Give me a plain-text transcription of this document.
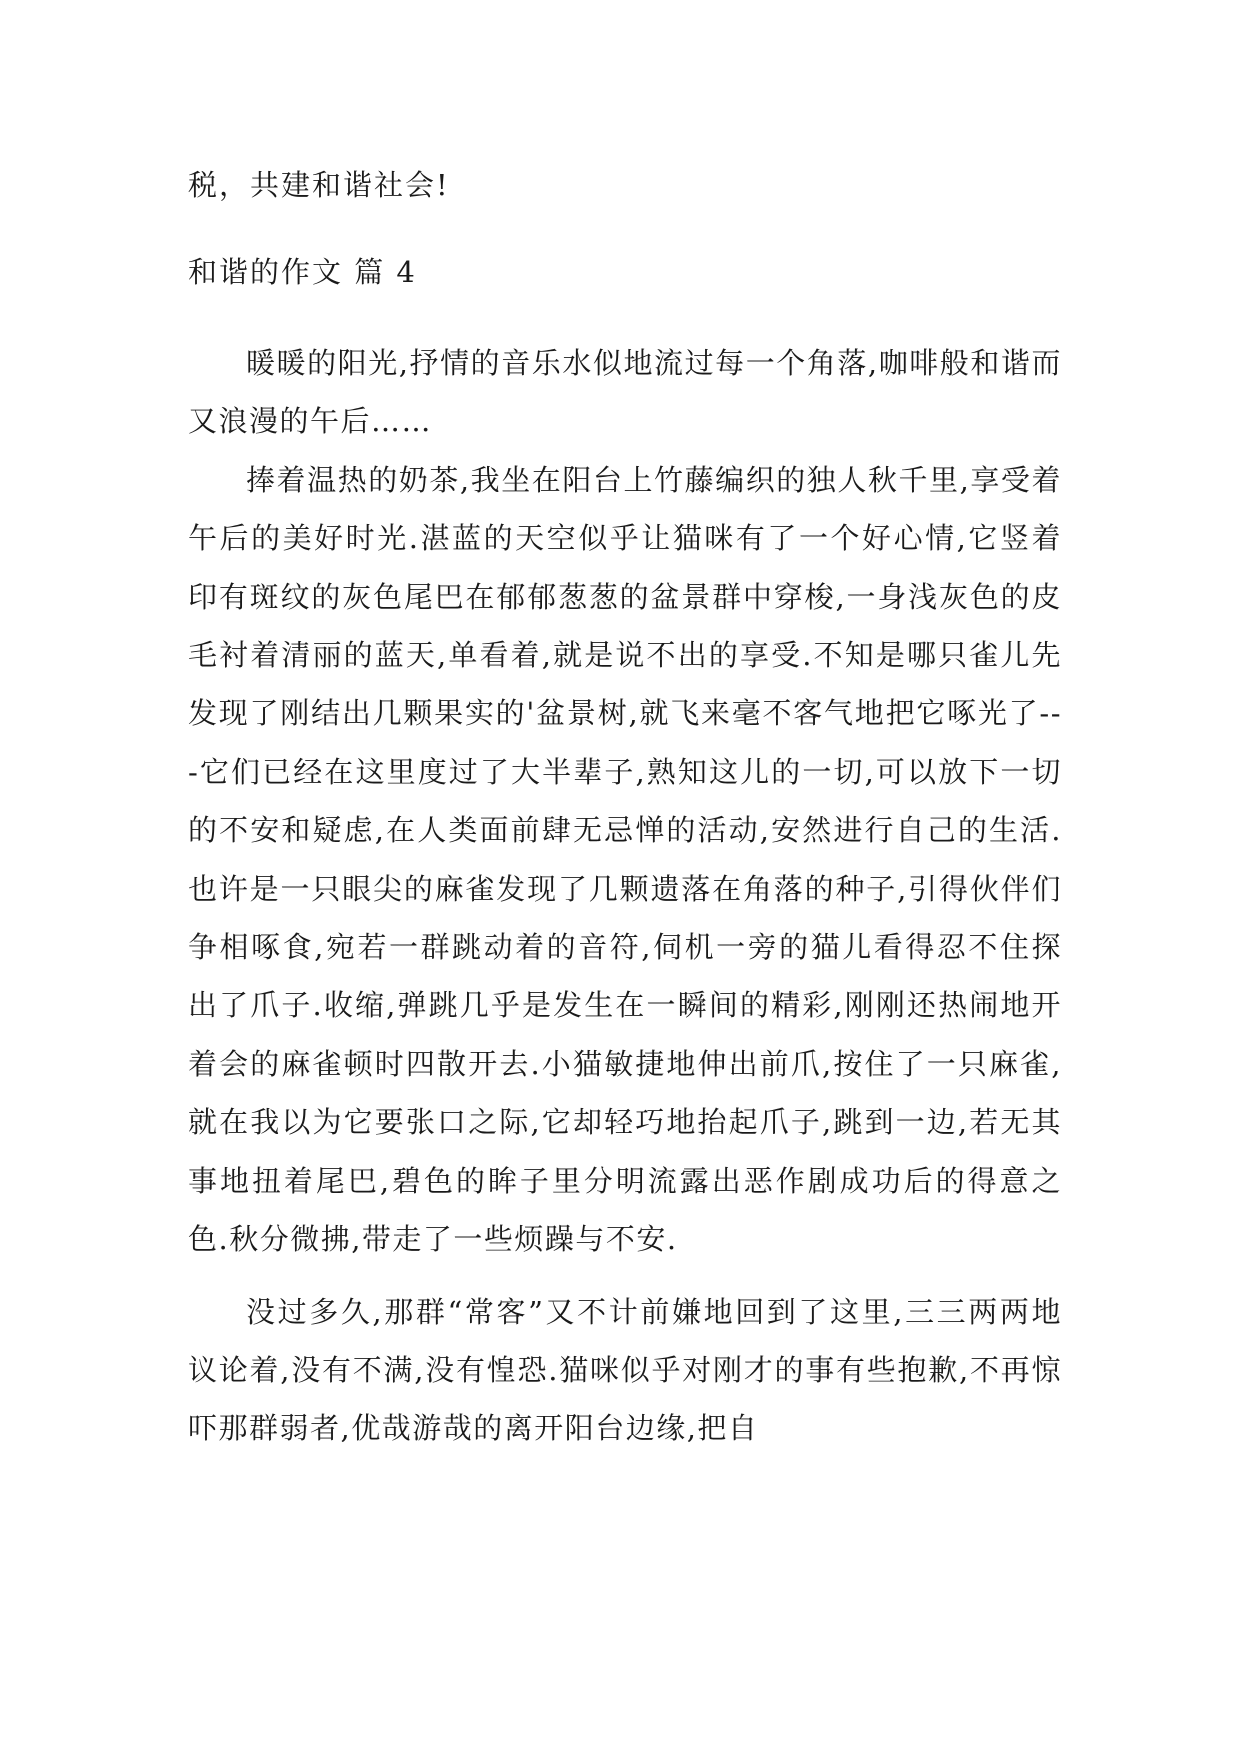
税，共建和谐社会!
和谐的作文 篇 4

暖暖的阳光,抒情的音乐水似地流过每一个角落,咖啡般和谐而又浪漫的午后……

捧着温热的奶茶,我坐在阳台上竹藤编织的独人秋千里,享受着午后的美好时光.湛蓝的天空似乎让猫咪有了一个好心情,它竖着印有斑纹的灰色尾巴在郁郁葱葱的盆景群中穿梭,一身浅灰色的皮毛衬着清丽的蓝天,单看着,就是说不出的享受.不知是哪只雀儿先发现了刚结出几颗果实的'盆景树,就飞来毫不客气地把它啄光了---它们已经在这里度过了大半辈子,熟知这儿的一切,可以放下一切的不安和疑虑,在人类面前肆无忌惮的活动,安然进行自己的生活.也许是一只眼尖的麻雀发现了几颗遗落在角落的种子,引得伙伴们争相啄食,宛若一群跳动着的音符,伺机一旁的猫儿看得忍不住探出了爪子.收缩,弹跳几乎是发生在一瞬间的精彩,刚刚还热闹地开着会的麻雀顿时四散开去.小猫敏捷地伸出前爪,按住了一只麻雀,就在我以为它要张口之际,它却轻巧地抬起爪子,跳到一边,若无其事地扭着尾巴,碧色的眸子里分明流露出恶作剧成功后的得意之色.秋分微拂,带走了一些烦躁与不安.

没过多久,那群“常客”又不计前嫌地回到了这里,三三两两地议论着,没有不满,没有惶恐.猫咪似乎对刚才的事有些抱歉,不再惊吓那群弱者,优哉游哉的离开阳台边缘,把自
